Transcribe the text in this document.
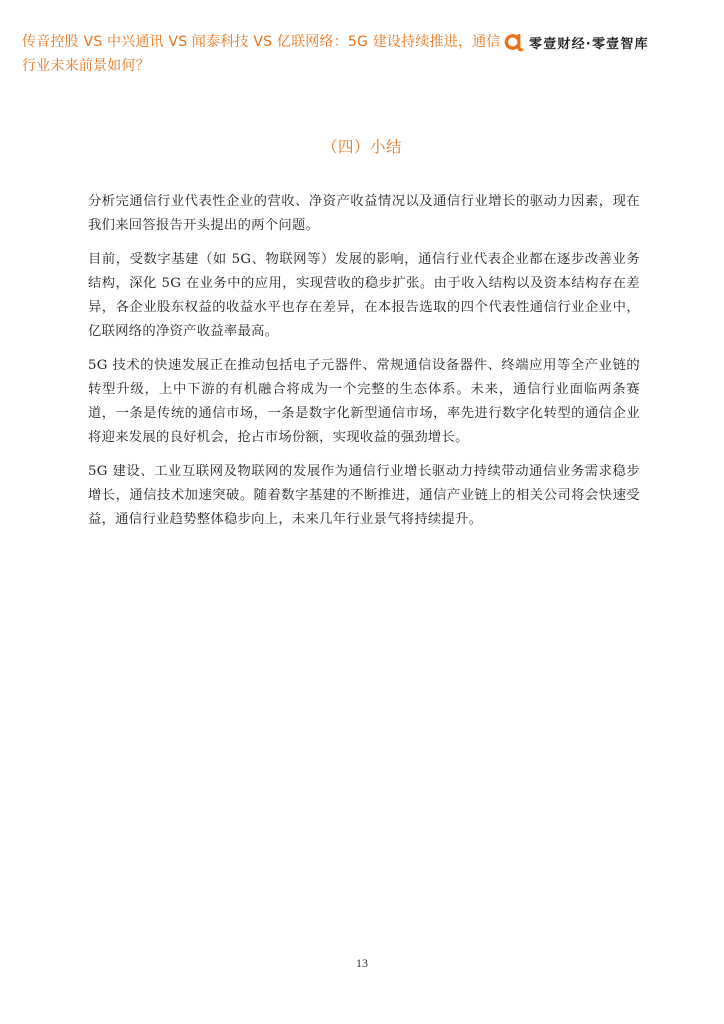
传音控股 VS 中兴通讯 VS 闻泰科技 VS 亿联网络：5G 建设持续推进，通信行业未来前景如何？
零壹财经·零壹智库
（四）小结

分析完通信行业代表性企业的营收、净资产收益情况以及通信行业增长的驱动力因素，现在我们来回答报告开头提出的两个问题。

目前，受数字基建（如 5G、物联网等）发展的影响，通信行业代表企业都在逐步改善业务结构，深化 5G 在业务中的应用，实现营收的稳步扩张。由于收入结构以及资本结构存在差异，各企业股东权益的收益水平也存在差异，在本报告选取的四个代表性通信行业企业中，亿联网络的净资产收益率最高。

5G 技术的快速发展正在推动包括电子元器件、常规通信设备器件、终端应用等全产业链的转型升级，上中下游的有机融合将成为一个完整的生态体系。未来，通信行业面临两条赛道，一条是传统的通信市场，一条是数字化新型通信市场，率先进行数字化转型的通信企业将迎来发展的良好机会，抢占市场份额，实现收益的强劲增长。

5G 建设、工业互联网及物联网的发展作为通信行业增长驱动力持续带动通信业务需求稳步增长，通信技术加速突破。随着数字基建的不断推进，通信产业链上的相关公司将会快速受益，通信行业趋势整体稳步向上，未来几年行业景气将持续提升。

13
